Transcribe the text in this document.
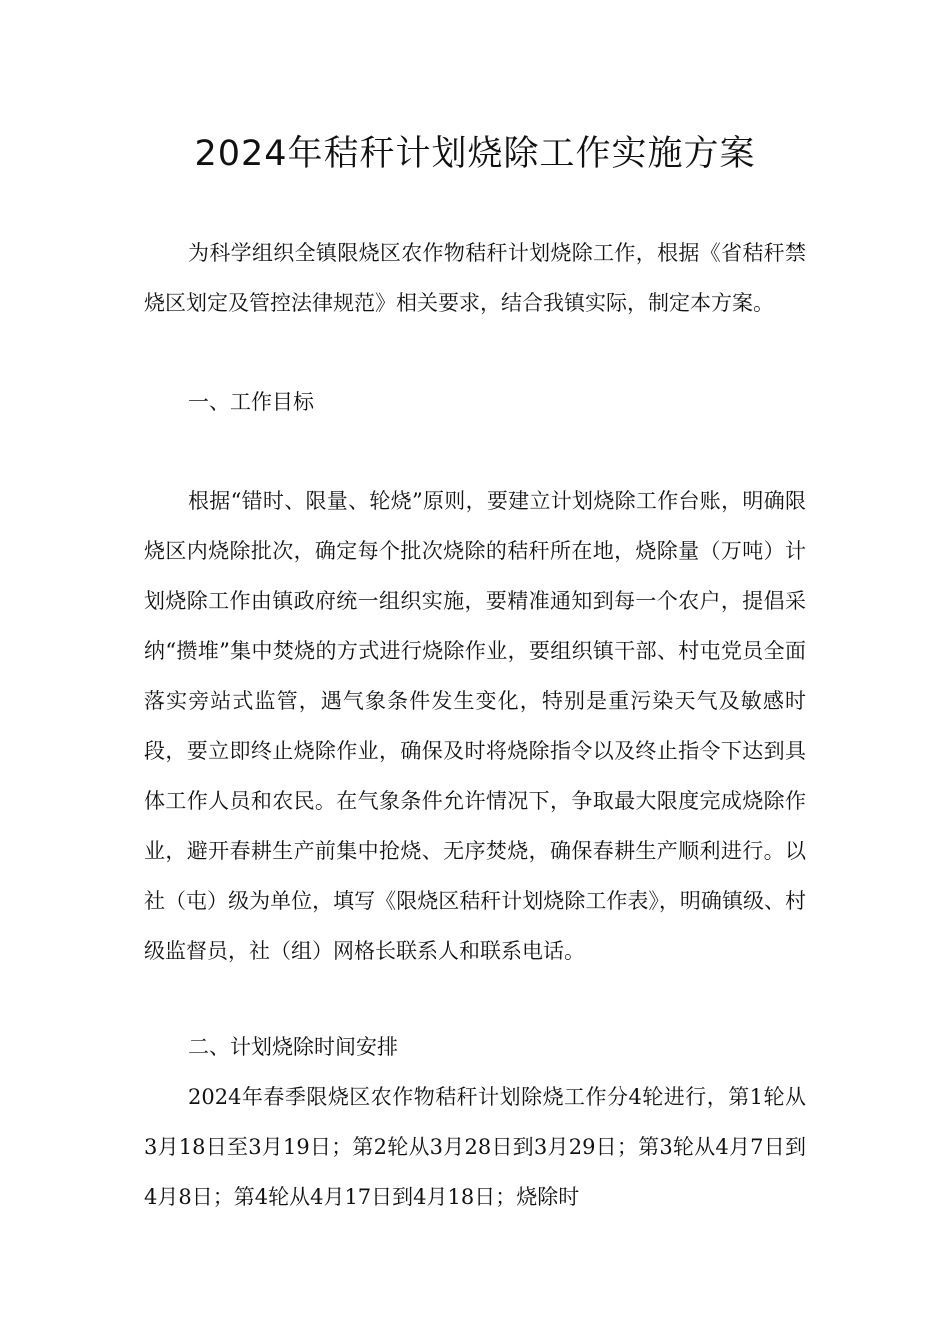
2024年秸秆计划烧除工作实施方案

为科学组织全镇限烧区农作物秸秆计划烧除工作，根据《省秸秆禁烧区划定及管控法律规范》相关要求，结合我镇实际，制定本方案。

一、工作目标

根据“错时、限量、轮烧”原则，要建立计划烧除工作台账，明确限烧区内烧除批次，确定每个批次烧除的秸秆所在地，烧除量（万吨）计划烧除工作由镇政府统一组织实施，要精准通知到每一个农户，提倡采纳“攒堆”集中焚烧的方式进行烧除作业，要组织镇干部、村屯党员全面落实旁站式监管，遇气象条件发生变化，特别是重污染天气及敏感时段，要立即终止烧除作业，确保及时将烧除指令以及终止指令下达到具体工作人员和农民。在气象条件允许情况下，争取最大限度完成烧除作业，避开春耕生产前集中抢烧、无序焚烧，确保春耕生产顺利进行。以社（屯）级为单位，填写《限烧区秸秆计划烧除工作表》，明确镇级、村级监督员，社（组）网格长联系人和联系电话。

二、计划烧除时间安排

2024年春季限烧区农作物秸秆计划除烧工作分4轮进行，第1轮从3月18日至3月19日；第2轮从3月28日到3月29日；第3轮从4月7日到4月8日；第4轮从4月17日到4月18日；烧除时
